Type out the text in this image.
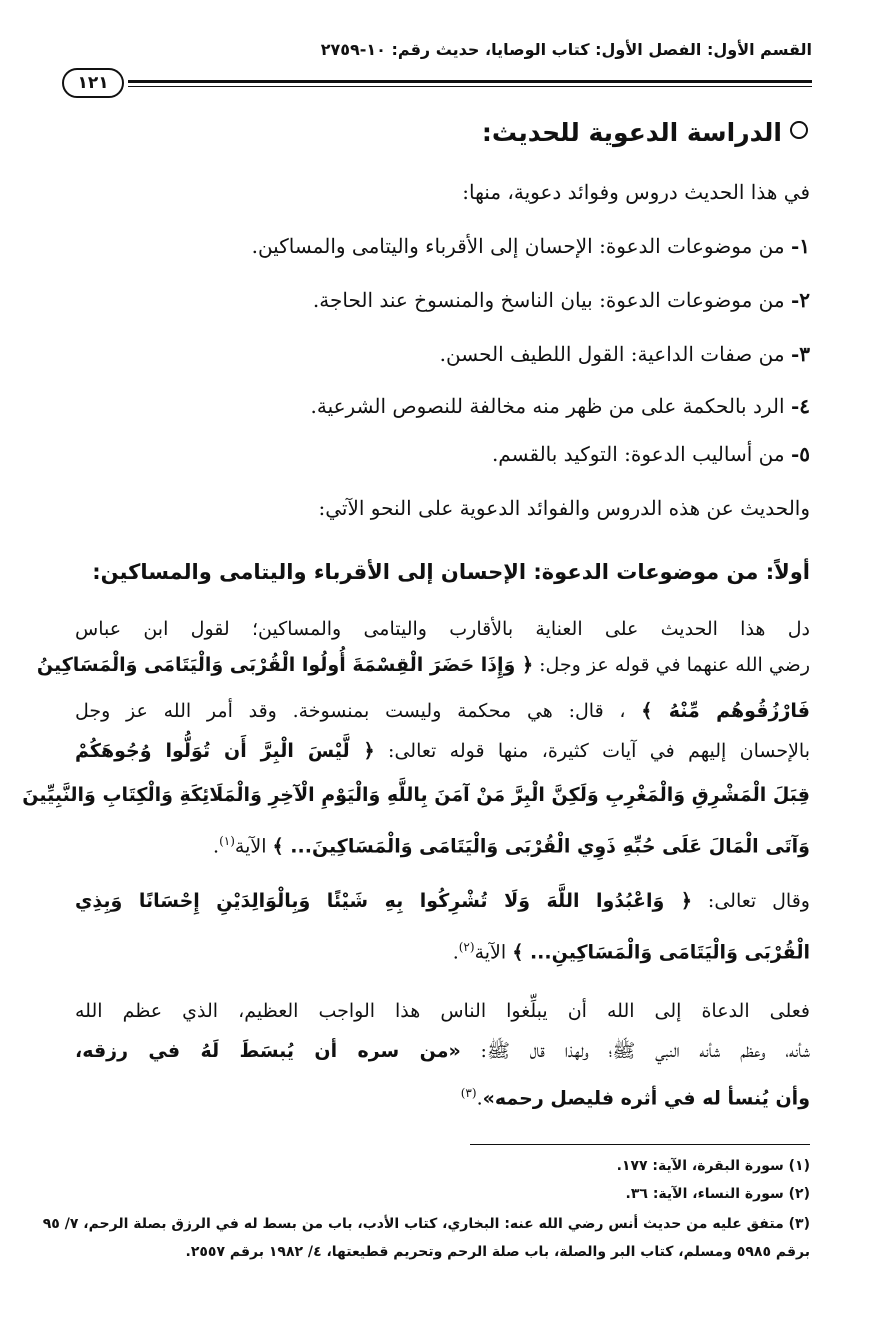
القسم الأول: الفصل الأول: كتاب الوصايا، حديث رقم: ١٠-٢٧٥٩
١٢١
الدراسة الدعوية للحديث:
في هذا الحديث دروس وفوائد دعوية، منها:
١- من موضوعات الدعوة: الإحسان إلى الأقرباء واليتامى والمساكين.
٢- من موضوعات الدعوة: بيان الناسخ والمنسوخ عند الحاجة.
٣- من صفات الداعية: القول اللطيف الحسن.
٤- الرد بالحكمة على من ظهر منه مخالفة للنصوص الشرعية.
٥- من أساليب الدعوة: التوكيد بالقسم.
والحديث عن هذه الدروس والفوائد الدعوية على النحو الآتي:
أولاً: من موضوعات الدعوة: الإحسان إلى الأقرباء واليتامى والمساكين:
دل هذا الحديث على العناية بالأقارب واليتامى والمساكين؛ لقول ابن عباس
رضي الله عنهما في قوله عز وجل: ﴿ وَإِذَا حَضَرَ الْقِسْمَةَ أُولُوا الْقُرْبَى وَالْيَتَامَى وَالْمَسَاكِينُ
فَارْزُقُوهُم مِّنْهُ ﴾ ، قال: هي محكمة وليست بمنسوخة. وقد أمر الله عز وجل
بالإحسان إليهم في آيات كثيرة، منها قوله تعالى: ﴿ لَّيْسَ الْبِرَّ أَن تُوَلُّوا وُجُوهَكُمْ
قِبَلَ الْمَشْرِقِ وَالْمَغْرِبِ وَلَكِنَّ الْبِرَّ مَنْ آمَنَ بِاللَّهِ وَالْيَوْمِ الْآخِرِ وَالْمَلَائِكَةِ وَالْكِتَابِ وَالنَّبِيِّينَ
وَآتَى الْمَالَ عَلَى حُبِّهِ ذَوِي الْقُرْبَى وَالْيَتَامَى وَالْمَسَاكِينَ... ﴾ الآية$^{(١)}$.
وقال تعالى: ﴿ وَاعْبُدُوا اللَّهَ وَلَا تُشْرِكُوا بِهِ شَيْئًا وَبِالْوَالِدَيْنِ إِحْسَانًا وَبِذِي
الْقُرْبَى وَالْيَتَامَى وَالْمَسَاكِينِ... ﴾ الآية$^{(٢)}$.
فعلى الدعاة إلى الله أن يبلِّغوا الناس هذا الواجب العظيم، الذي عظم الله
شأنه، وعظم شأنه النبي ﷺ؛ ولهذا قال ﷺ: «من سره أن يُبسَطَ لَهُ في رزقه،
وأن يُنسأ له في أثره فليصل رحمه».$^{(٣)}$
(١) سورة البقرة، الآية: ١٧٧.
(٢) سورة النساء، الآية: ٣٦.
(٣) متفق عليه من حديث أنس رضي الله عنه: البخاري، كتاب الأدب، باب من بسط له في الرزق بصلة الرحم، ٧/ ٩٥
برقم ٥٩٨٥ ومسلم، كتاب البر والصلة، باب صلة الرحم وتحريم قطيعتها، ٤/ ١٩٨٢ برقم ٢٥٥٧.
